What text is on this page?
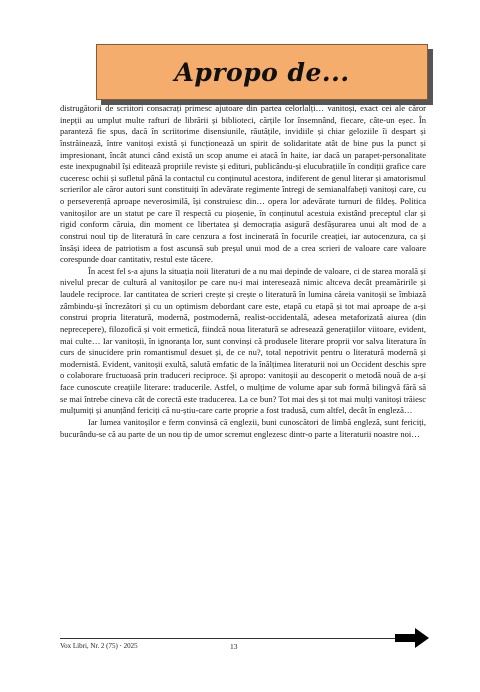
Apropo de...

distrugătorii de scriitori consacrați primesc ajutoare din partea celorlalți… vanitoși, exact cei ale căror inepții au umplut multe rafturi de librării și biblioteci, cărțile lor însemnând, fiecare, câte-un eșec. În paranteză fie spus, dacă în scriitorime disensiunile, răutățile, invidiile și chiar geloziile îi despart și înstrăinează, între vanitoși există și funcționează un spirit de solidaritate atât de bine pus la punct și impresionant, încât atunci când există un scop anume ei atacă în haite, iar dacă un parapet-personalitate este inexpugnabil își editează propriile reviste și edituri, publicându-și elucubrațiile în condiții grafice care cuceresc ochii și sufletul până la contactul cu conținutul acestora, indiferent de genul literar și amatorismul scrierilor ale căror autori sunt constituiți în adevărate regimente întregi de semianalfabeți vanitoși care, cu o perseverență aproape neverosimilă, își construiesc din… opera lor adevărate turnuri de fildeș. Politica vanitoșilor are un statut pe care îl respectă cu pioșenie, în conținutul acestuia existând preceptul clar și rigid conform căruia, din moment ce libertatea și democrația asigură desfășurarea unui alt mod de a construi noul tip de literatură în care cenzura a fost incinerată în focurile creației, iar autocenzura, ca și însăși ideea de patriotism a fost ascunsă sub preșul unui mod de a crea scrieri de valoare care valoare corespunde doar cantitativ, restul este tăcere.

În acest fel s-a ajuns la situația noii literaturi de a nu mai depinde de valoare, ci de starea morală și nivelul precar de cultură al vanitoșilor pe care nu-i mai interesează nimic altceva decât preamăririle și laudele reciproce. Iar cantitatea de scrieri crește și crește o literatură în lumina căreia vanitoșii se îmbiază zâmbindu-și încrezători și cu un optimism debordant care este, etapă cu etapă și tot mai aproape de a-și construi propria literatură, modernă, postmodernă, realist-occidentală, adesea metaforizată aiurea (din neprecepere), filozofică și voit ermetică, fiindcă noua literatură se adresează generațiilor viitoare, evident, mai culte… Iar vanitoșii, în ignoranța lor, sunt convinși că produsele literare proprii vor salva literatura în curs de sinucidere prin romantismul desuet și, de ce nu?, total nepotrivit pentru o literatură modernă și modernistă. Evident, vanitoșii exultă, salută emfatic de la înălțimea literaturii noi un Occident deschis spre o colaborare fructuoasă prin traduceri reciproce. Și apropo: vanitoșii au descoperit o metodă nouă de a-și face cunoscute creațiile literare: traducerile. Astfel, o mulțime de volume apar sub formă bilingvă fără să se mai întrebe cineva cât de corectă este traducerea. La ce bun? Tot mai des și tot mai mulți vanitoși trăiesc mulțumiți și anunțând fericiți că nu-știu-care carte proprie a fost tradusă, cum altfel, decât în engleză…

Iar lumea vanitoșilor e ferm convinsă că englezii, buni cunoscători de limbă engleză, sunt fericiți, bucurându-se că au parte de un nou tip de umor scremut englezesc dintr-o parte a literaturii noastre noi…

Vox Libri, Nr. 2 (75) · 2025	13
